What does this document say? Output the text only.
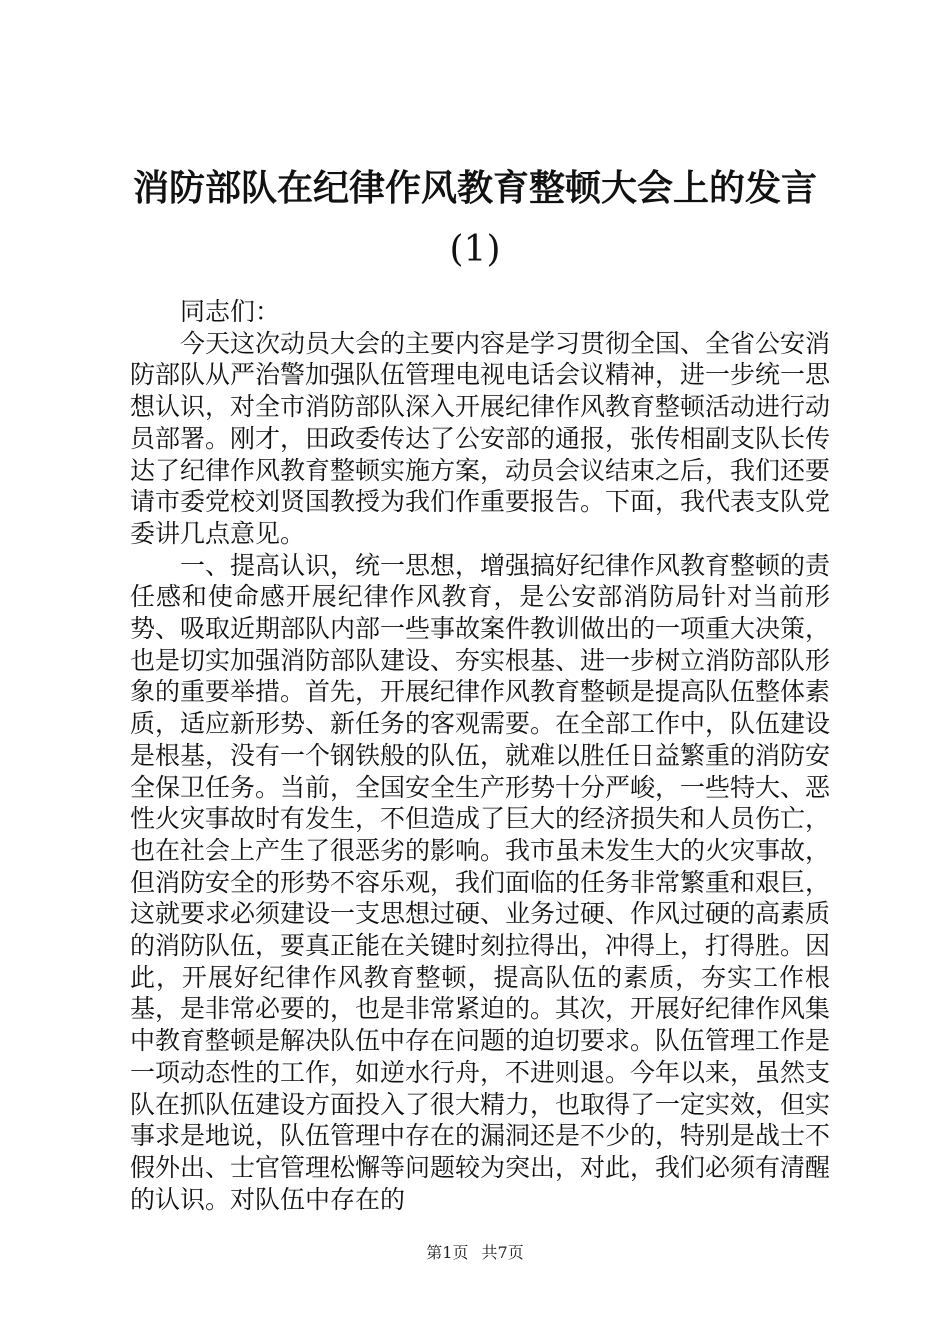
消防部队在纪律作风教育整顿大会上的发言
(1)

同志们：

今天这次动员大会的主要内容是学习贯彻全国、全省公安消防部队从严治警加强队伍管理电视电话会议精神，进一步统一思想认识，对全市消防部队深入开展纪律作风教育整顿活动进行动员部署。刚才，田政委传达了公安部的通报，张传相副支队长传达了纪律作风教育整顿实施方案，动员会议结束之后，我们还要请市委党校刘贤国教授为我们作重要报告。下面，我代表支队党委讲几点意见。

一、提高认识，统一思想，增强搞好纪律作风教育整顿的责任感和使命感开展纪律作风教育，是公安部消防局针对当前形势、吸取近期部队内部一些事故案件教训做出的一项重大决策，也是切实加强消防部队建设、夯实根基、进一步树立消防部队形象的重要举措。首先，开展纪律作风教育整顿是提高队伍整体素质，适应新形势、新任务的客观需要。在全部工作中，队伍建设是根基，没有一个钢铁般的队伍，就难以胜任日益繁重的消防安全保卫任务。当前，全国安全生产形势十分严峻，一些特大、恶性火灾事故时有发生，不但造成了巨大的经济损失和人员伤亡，也在社会上产生了很恶劣的影响。我市虽未发生大的火灾事故，但消防安全的形势不容乐观，我们面临的任务非常繁重和艰巨，这就要求必须建设一支思想过硬、业务过硬、作风过硬的高素质的消防队伍，要真正能在关键时刻拉得出，冲得上，打得胜。因此，开展好纪律作风教育整顿，提高队伍的素质，夯实工作根基，是非常必要的，也是非常紧迫的。其次，开展好纪律作风集中教育整顿是解决队伍中存在问题的迫切要求。队伍管理工作是一项动态性的工作，如逆水行舟，不进则退。今年以来，虽然支队在抓队伍建设方面投入了很大精力，也取得了一定实效，但实事求是地说，队伍管理中存在的漏洞还是不少的，特别是战士不假外出、士官管理松懈等问题较为突出，对此，我们必须有清醒的认识。对队伍中存在的

第1页 共7页
